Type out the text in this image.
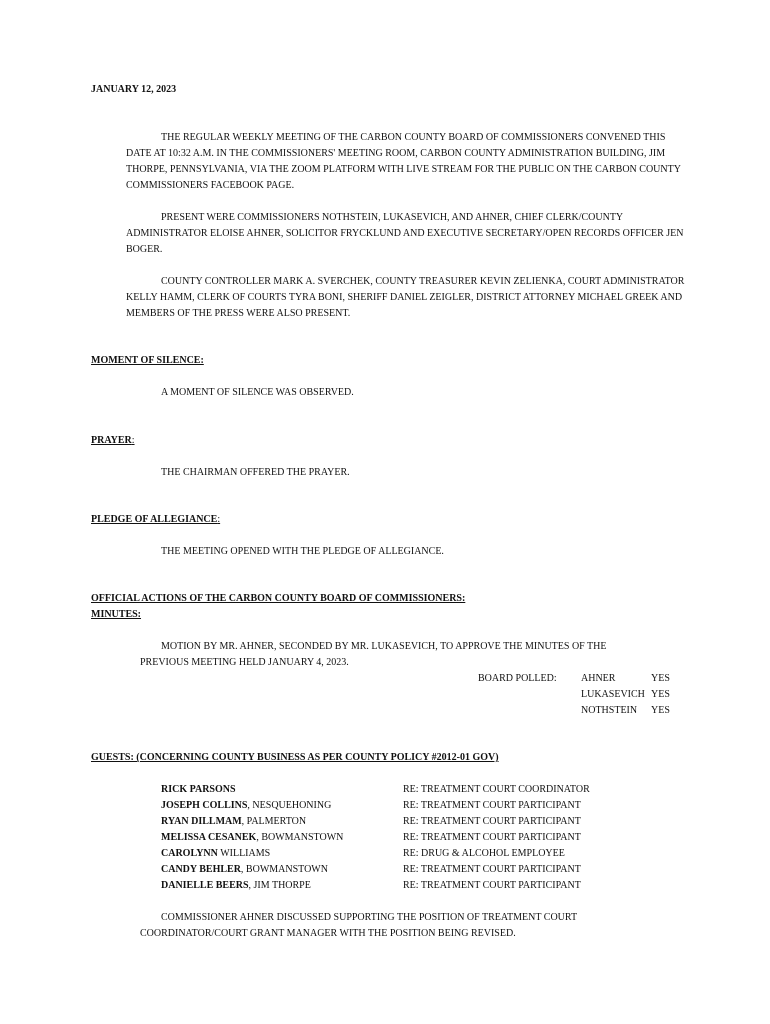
JANUARY 12, 2023
THE REGULAR WEEKLY MEETING OF THE CARBON COUNTY BOARD OF COMMISSIONERS CONVENED THIS DATE AT 10:32 A.M. IN THE COMMISSIONERS' MEETING ROOM, CARBON COUNTY ADMINISTRATION BUILDING, JIM THORPE, PENNSYLVANIA, VIA THE ZOOM PLATFORM WITH LIVE STREAM FOR THE PUBLIC ON THE CARBON COUNTY COMMISSIONERS FACEBOOK PAGE.
PRESENT WERE COMMISSIONERS NOTHSTEIN, LUKASEVICH, AND AHNER, CHIEF CLERK/COUNTY ADMINISTRATOR ELOISE AHNER, SOLICITOR FRYCKLUND AND EXECUTIVE SECRETARY/OPEN RECORDS OFFICER JEN BOGER.
COUNTY CONTROLLER MARK A. SVERCHEK, COUNTY TREASURER KEVIN ZELIENKA, COURT ADMINISTRATOR KELLY HAMM, CLERK OF COURTS TYRA BONI, SHERIFF DANIEL ZEIGLER, DISTRICT ATTORNEY MICHAEL GREEK AND MEMBERS OF THE PRESS WERE ALSO PRESENT.
MOMENT OF SILENCE:
A MOMENT OF SILENCE WAS OBSERVED.
PRAYER:
THE CHAIRMAN OFFERED THE PRAYER.
PLEDGE OF ALLEGIANCE:
THE MEETING OPENED WITH THE PLEDGE OF ALLEGIANCE.
OFFICIAL ACTIONS OF THE CARBON COUNTY BOARD OF COMMISSIONERS:
MINUTES:
MOTION BY MR. AHNER, SECONDED BY MR. LUKASEVICH, TO APPROVE THE MINUTES OF THE
PREVIOUS MEETING HELD JANUARY 4, 2023.
BOARD POLLED: AHNER	YES
LUKASEVICH YES
NOTHSTEIN YES
GUESTS: (CONCERNING COUNTY BUSINESS AS PER COUNTY POLICY #2012-01 GOV)
RICK PARSONS	RE: TREATMENT COURT COORDINATOR
JOSEPH COLLINS, NESQUEHONING	RE: TREATMENT COURT PARTICIPANT
RYAN DILLMAM, PALMERTON	RE: TREATMENT COURT PARTICIPANT
MELISSA CESANEK, BOWMANSTOWN	RE: TREATMENT COURT PARTICIPANT
CAROLYNN WILLIAMS	RE: DRUG & ALCOHOL EMPLOYEE
CANDY BEHLER, BOWMANSTOWN	RE: TREATMENT COURT PARTICIPANT
DANIELLE BEERS, JIM THORPE	RE: TREATMENT COURT PARTICIPANT
COMMISSIONER AHNER DISCUSSED SUPPORTING THE POSITION OF TREATMENT COURT
COORDINATOR/COURT GRANT MANAGER WITH THE POSITION BEING REVISED.
